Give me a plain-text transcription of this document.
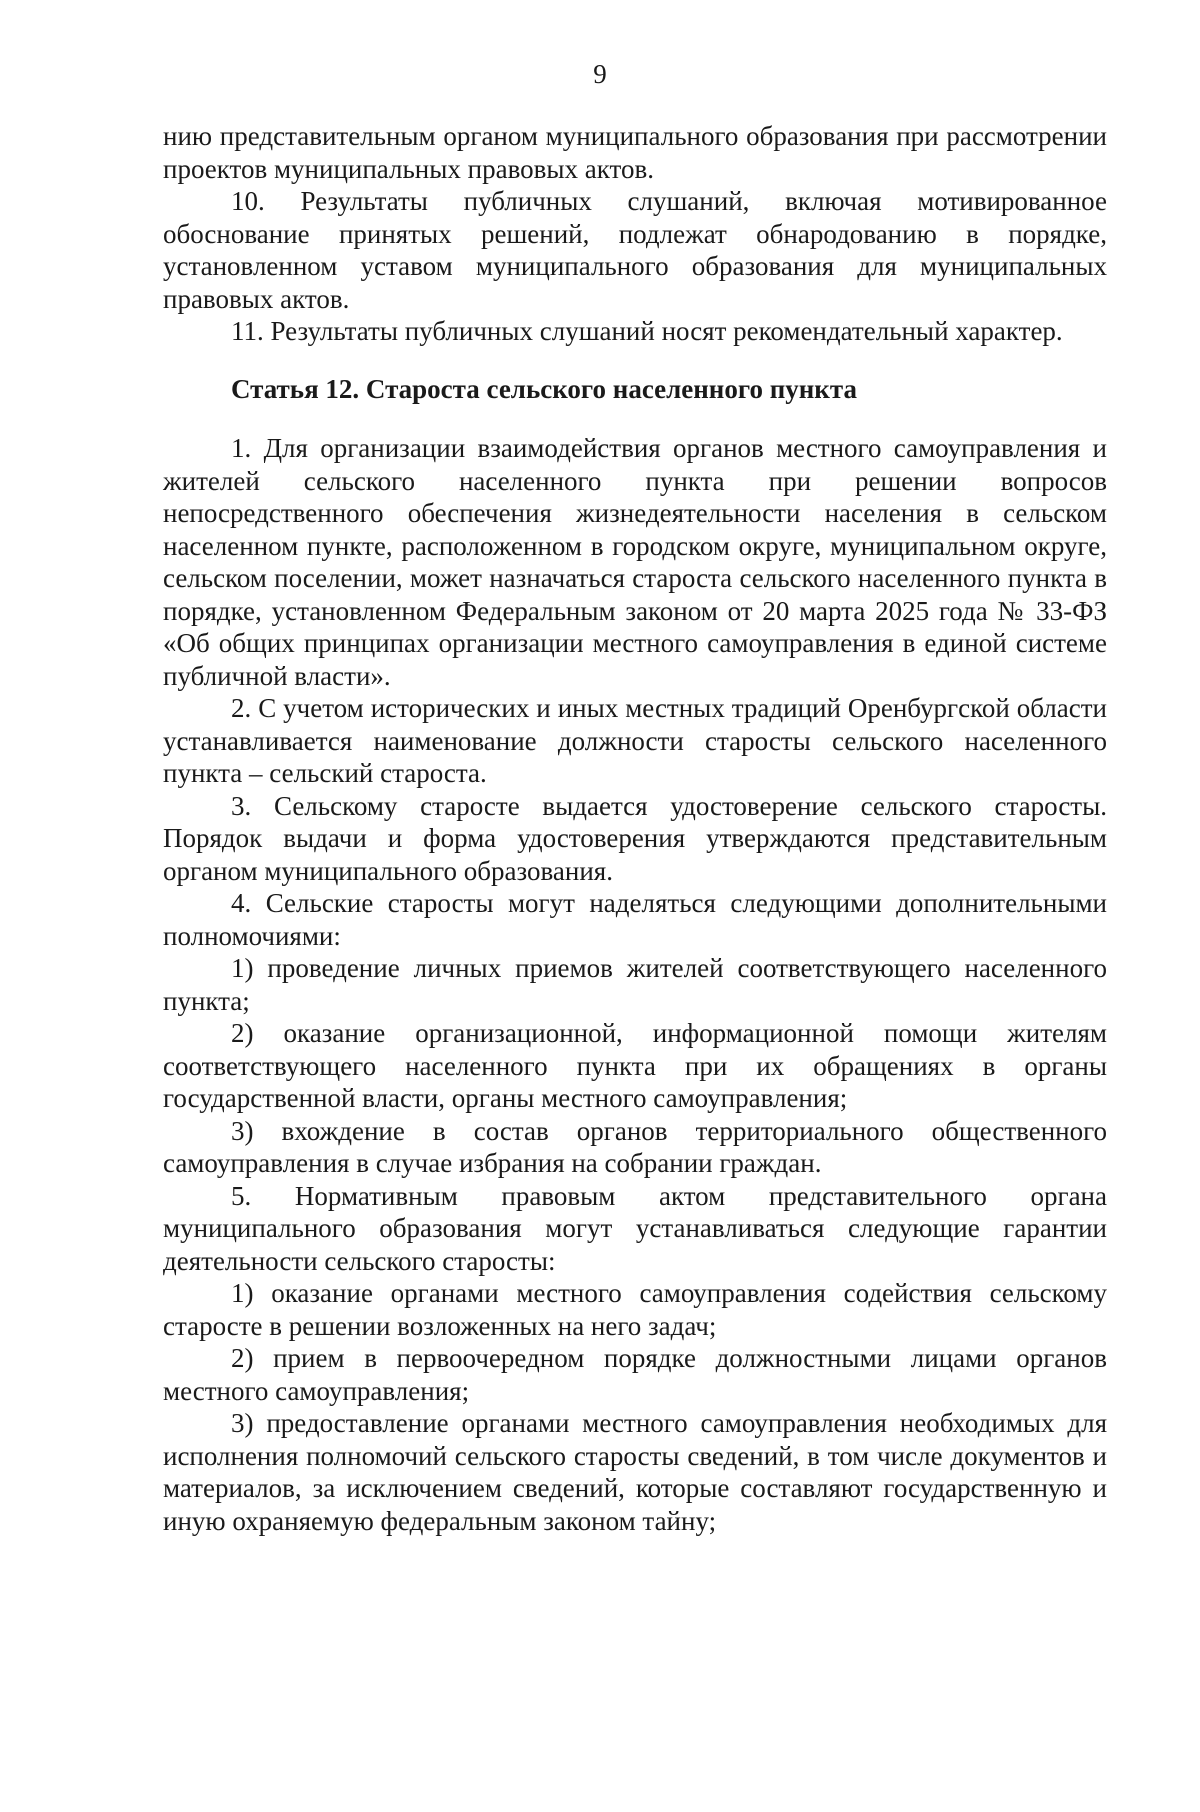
9

нию представительным органом муниципального образования при рассмотрении проектов муниципальных правовых актов.

10. Результаты публичных слушаний, включая мотивированное обоснование принятых решений, подлежат обнародованию в порядке, установленном уставом муниципального образования для муниципальных правовых актов.

11. Результаты публичных слушаний носят рекомендательный характер.

Статья 12. Староста сельского населенного пункта

1. Для организации взаимодействия органов местного самоуправления и жителей сельского населенного пункта при решении вопросов непосредственного обеспечения жизнедеятельности населения в сельском населенном пункте, расположенном в городском округе, муниципальном округе, сельском поселении, может назначаться староста сельского населенного пункта в порядке, установленном Федеральным законом от 20 марта 2025 года № 33-ФЗ «Об общих принципах организации местного самоуправления в единой системе публичной власти».

2. С учетом исторических и иных местных традиций Оренбургской области устанавливается наименование должности старосты сельского населенного пункта – сельский староста.

3. Сельскому старосте выдается удостоверение сельского старосты. Порядок выдачи и форма удостоверения утверждаются представительным органом муниципального образования.

4. Сельские старосты могут наделяться следующими дополнительными полномочиями:

1) проведение личных приемов жителей соответствующего населенного пункта;

2) оказание организационной, информационной помощи жителям соответствующего населенного пункта при их обращениях в органы государственной власти, органы местного самоуправления;

3) вхождение в состав органов территориального общественного самоуправления в случае избрания на собрании граждан.

5. Нормативным правовым актом представительного органа муниципального образования могут устанавливаться следующие гарантии деятельности сельского старосты:

1) оказание органами местного самоуправления содействия сельскому старосте в решении возложенных на него задач;

2) прием в первоочередном порядке должностными лицами органов местного самоуправления;

3) предоставление органами местного самоуправления необходимых для исполнения полномочий сельского старосты сведений, в том числе документов и материалов, за исключением сведений, которые составляют государственную и иную охраняемую федеральным законом тайну;
